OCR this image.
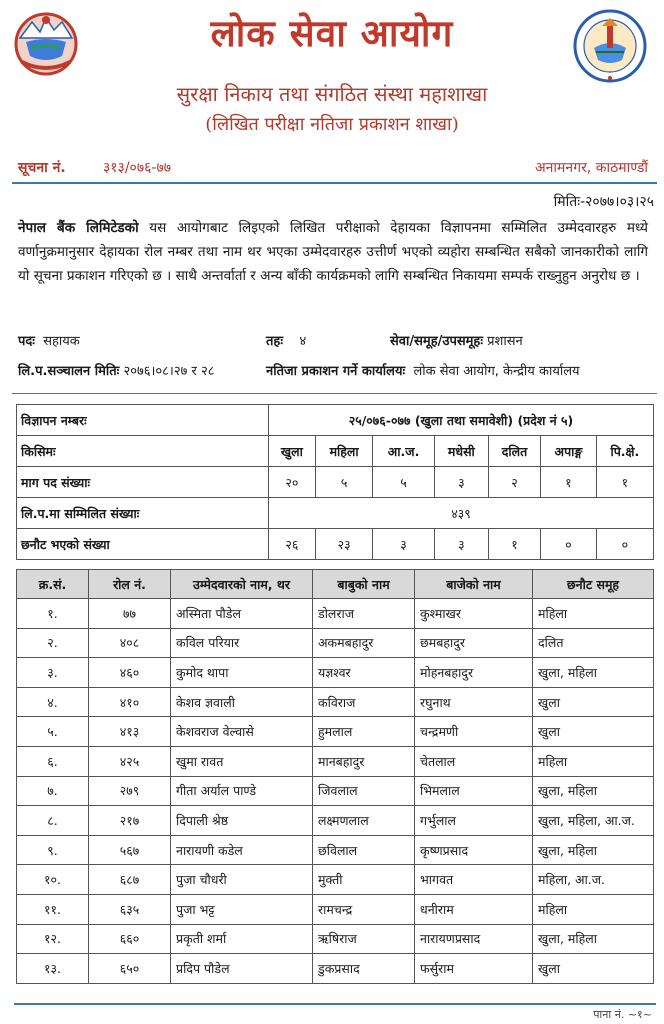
लोक सेवा आयोग
सुरक्षा निकाय तथा संगठित संस्था महाशाखा
(लिखित परीक्षा नतिजा प्रकाशन शाखा)
सूचना नं.	३१३/०७६-७७	अनामनगर, काठमाण्डौं
मितिः-२०७७।०३।२५
नेपाल बैंक लिमिटेडको यस आयोगबाट लिइएको लिखित परीक्षाको देहायका विज्ञापनमा सम्मिलित उम्मेदवारहरु मध्ये वर्णानुक्रमानुसार देहायका रोल नम्बर तथा नाम थर भएका उम्मेदवारहरु उत्तीर्ण भएको व्यहोरा सम्बन्धित सबैको जानकारीको लागि यो सूचना प्रकाशन गरिएको छ । साथै अन्तर्वार्ता र अन्य बाँकी कार्यक्रमको लागि सम्बन्धित निकायमा सम्पर्क राख्नुहुन अनुरोध छ ।
पदः सहायक	तहः ४	सेवा/समूह/उपसमूहः प्रशासन
लि.प.सञ्चालन मितिः २०७६।०८।२७ र २८	नतिजा प्रकाशन गर्ने कार्यालयः लोक सेवा आयोग, केन्द्रीय कार्यालय
विज्ञापन नम्बरः	२५/०७६-०७७ (खुला तथा समावेशी) (प्रदेश नं ५)						
किसिमः	खुला	महिला	आ.ज.	मधेसी	दलित	अपाङ्ग	पि.क्षे.
माग पद संख्याः	२०	५	५	३	२	१	१
लि.प.मा सम्मिलित संख्याः	४३९						
छनौट भएको संख्या	२६	२३	३	३	१	०	०
क्र.सं.	रोल नं.	उम्मेदवारको नाम, थर	बाबुको नाम	बाजेको नाम	छनौट समूह
१.	७७	अस्मिता पौडेल	डोलराज	कुश्माखर	महिला
२.	४०८	कविल परियार	अकमबहादुर	छमबहादुर	दलित
३.	४६०	कुमोद थापा	यज्ञश्वर	मोहनबहादुर	खुला, महिला
४.	४१०	केशव ज्ञवाली	कविराज	रघुनाथ	खुला
५.	४१३	केशवराज वेल्वासे	हुमलाल	चन्द्रमणी	खुला
६.	४२५	खुमा रावत	मानबहादुर	चेतलाल	महिला
७.	२७९	गीता अर्याल पाण्डे	जिवलाल	भिमलाल	खुला, महिला
८.	२१७	दिपाली श्रेष्ठ	लक्ष्मणलाल	गर्भुलाल	खुला, महिला, आ.ज.
९.	५६७	नारायणी कडेल	छविलाल	कृष्णप्रसाद	खुला, महिला
१०.	६८७	पुजा चौधरी	मुक्ती	भागवत	महिला, आ.ज.
११.	६३५	पुजा भट्ट	रामचन्द्र	धनीराम	महिला
१२.	६६०	प्रकृती शर्मा	ऋषिराज	नारायणप्रसाद	खुला, महिला
१३.	६५०	प्रदिप पौडेल	डुकप्रसाद	फर्सुराम	खुला
पाना नं. ~१~
